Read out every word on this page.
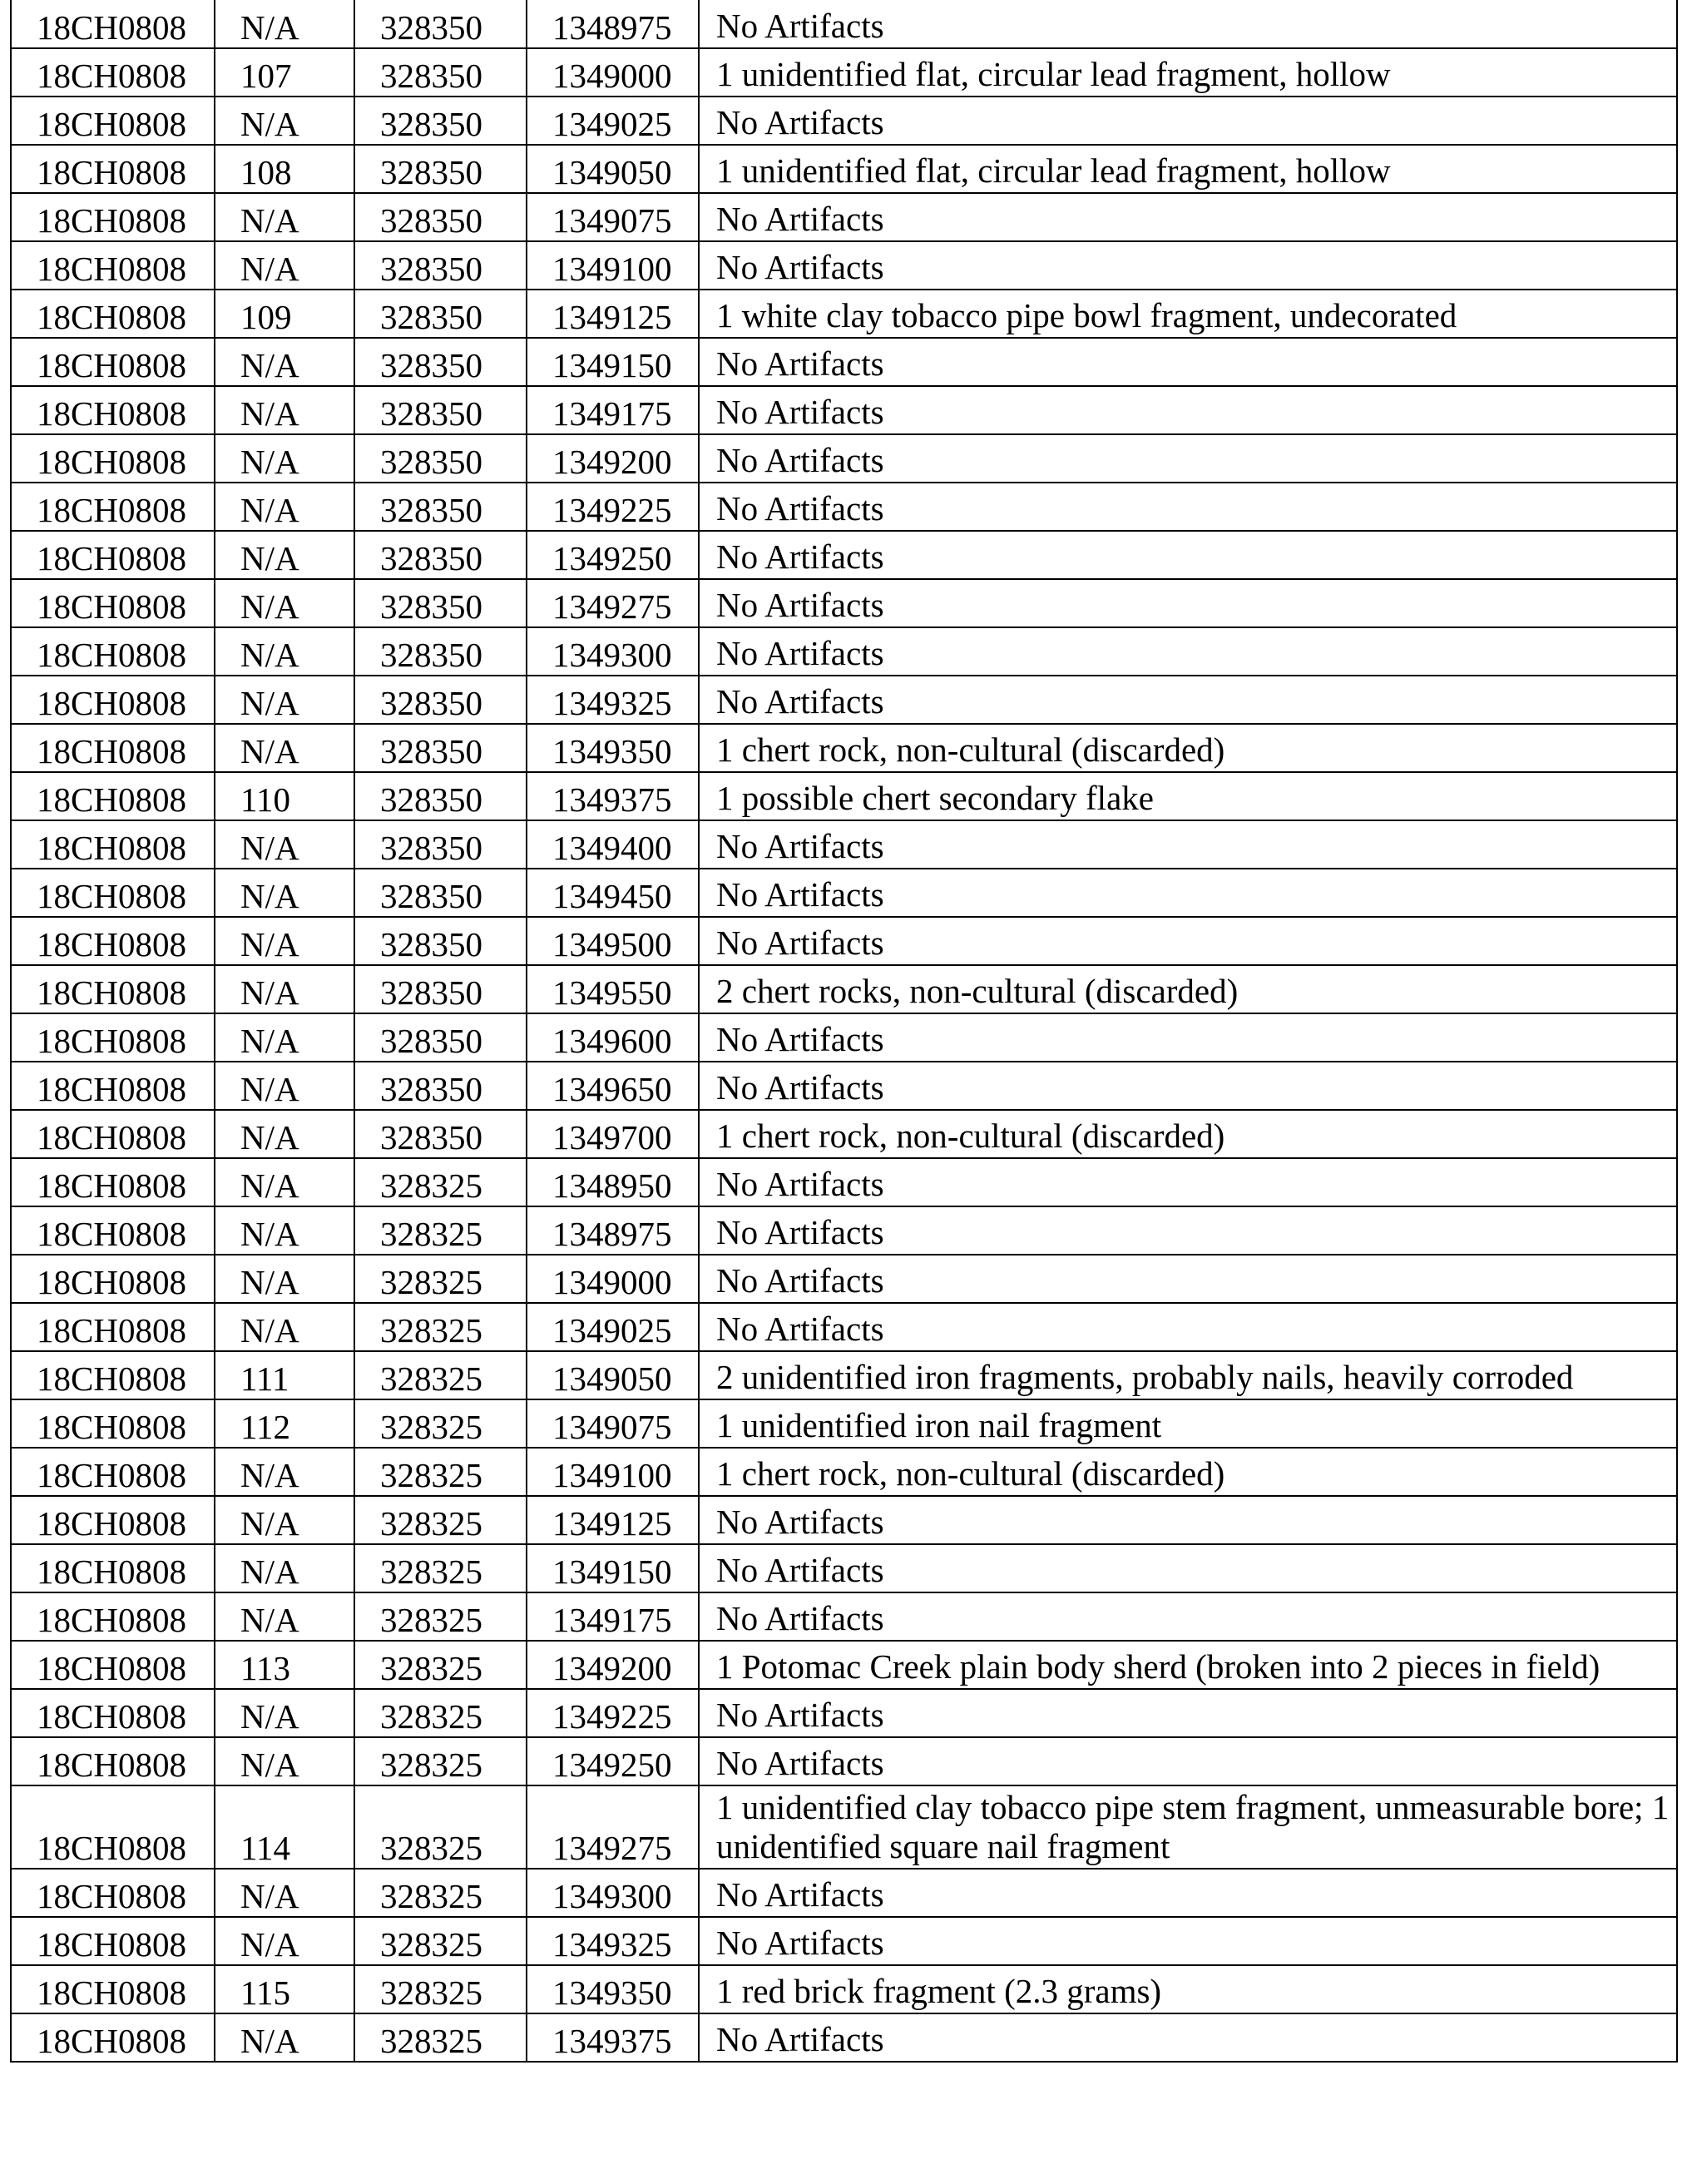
18CH0808	N/A	328350	1348975	No Artifacts
18CH0808	107	328350	1349000	1 unidentified flat, circular lead fragment, hollow
18CH0808	N/A	328350	1349025	No Artifacts
18CH0808	108	328350	1349050	1 unidentified flat, circular lead fragment, hollow
18CH0808	N/A	328350	1349075	No Artifacts
18CH0808	N/A	328350	1349100	No Artifacts
18CH0808	109	328350	1349125	1 white clay tobacco pipe bowl fragment, undecorated
18CH0808	N/A	328350	1349150	No Artifacts
18CH0808	N/A	328350	1349175	No Artifacts
18CH0808	N/A	328350	1349200	No Artifacts
18CH0808	N/A	328350	1349225	No Artifacts
18CH0808	N/A	328350	1349250	No Artifacts
18CH0808	N/A	328350	1349275	No Artifacts
18CH0808	N/A	328350	1349300	No Artifacts
18CH0808	N/A	328350	1349325	No Artifacts
18CH0808	N/A	328350	1349350	1 chert rock, non-cultural (discarded)
18CH0808	110	328350	1349375	1 possible chert secondary flake
18CH0808	N/A	328350	1349400	No Artifacts
18CH0808	N/A	328350	1349450	No Artifacts
18CH0808	N/A	328350	1349500	No Artifacts
18CH0808	N/A	328350	1349550	2 chert rocks, non-cultural (discarded)
18CH0808	N/A	328350	1349600	No Artifacts
18CH0808	N/A	328350	1349650	No Artifacts
18CH0808	N/A	328350	1349700	1 chert rock, non-cultural (discarded)
18CH0808	N/A	328325	1348950	No Artifacts
18CH0808	N/A	328325	1348975	No Artifacts
18CH0808	N/A	328325	1349000	No Artifacts
18CH0808	N/A	328325	1349025	No Artifacts
18CH0808	111	328325	1349050	2 unidentified iron fragments, probably nails, heavily corroded
18CH0808	112	328325	1349075	1 unidentified iron nail fragment
18CH0808	N/A	328325	1349100	1 chert rock, non-cultural (discarded)
18CH0808	N/A	328325	1349125	No Artifacts
18CH0808	N/A	328325	1349150	No Artifacts
18CH0808	N/A	328325	1349175	No Artifacts
18CH0808	113	328325	1349200	1 Potomac Creek plain body sherd (broken into 2 pieces in field)
18CH0808	N/A	328325	1349225	No Artifacts
18CH0808	N/A	328325	1349250	No Artifacts
18CH0808	114	328325	1349275	1 unidentified clay tobacco pipe stem fragment, unmeasurable bore; 1 unidentified square nail fragment
18CH0808	N/A	328325	1349300	No Artifacts
18CH0808	N/A	328325	1349325	No Artifacts
18CH0808	115	328325	1349350	1 red brick fragment (2.3 grams)
18CH0808	N/A	328325	1349375	No Artifacts
